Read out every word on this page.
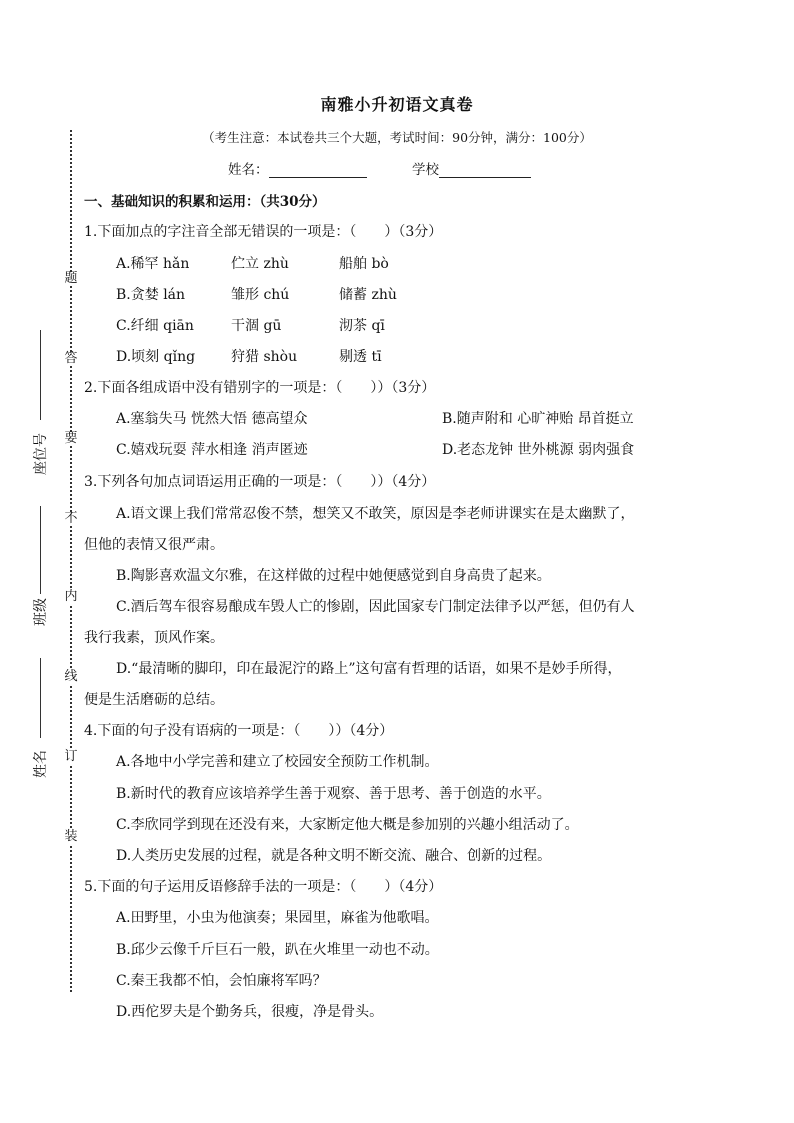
题
答
要
不
内
线
订
装
座位号
班级
姓名
南雅小升初语文真卷
（考生注意：本试卷共三个大题，考试时间：90分钟，满分：100分）
姓名：	学校
一、基础知识的积累和运用：（共30分）
1.下面加点的字注音全部无错误的一项是：（　　）（3分）
A.稀罕 hǎn	伫立 zhù	船舶 bò
B.贪婪 lán	雏形 chú	储蓄 zhù
C.纤细 qiān	干涸 gū	沏茶 qī
D.顷刻 qǐng	狩猎 shòu	剔透 tī
2.下面各组成语中没有错别字的一项是：（　　））（3分）
A.塞翁失马 恍然大悟 德高望众	B.随声附和 心旷神贻 昂首挺立
C.嬉戏玩耍 萍水相逢 消声匿迹	D.老态龙钟 世外桃源 弱肉强食
3.下列各句加点词语运用正确的一项是：（　　））（4分）
A.语文课上我们常常忍俊不禁，想笑又不敢笑，原因是李老师讲课实在是太幽默了，
但他的表情又很严肃。
B.陶影喜欢温文尔雅，在这样做的过程中她便感觉到自身高贵了起来。
C.酒后驾车很容易酿成车毁人亡的惨剧，因此国家专门制定法律予以严惩，但仍有人
我行我素，顶风作案。
D.“最清晰的脚印，印在最泥泞的路上”这句富有哲理的话语，如果不是妙手所得，
便是生活磨砺的总结。
4.下面的句子没有语病的一项是：（　　））（4分）
A.各地中小学完善和建立了校园安全预防工作机制。
B.新时代的教育应该培养学生善于观察、善于思考、善于创造的水平。
C.李欣同学到现在还没有来，大家断定他大概是参加别的兴趣小组活动了。
D.人类历史发展的过程，就是各种文明不断交流、融合、创新的过程。
5.下面的句子运用反语修辞手法的一项是：（　　）（4分）
A.田野里，小虫为他演奏；果园里，麻雀为他歌唱。
B.邱少云像千斤巨石一般，趴在火堆里一动也不动。
C.秦王我都不怕，会怕廉将军吗？
D.西佗罗夫是个勤务兵，很瘦，净是骨头。
